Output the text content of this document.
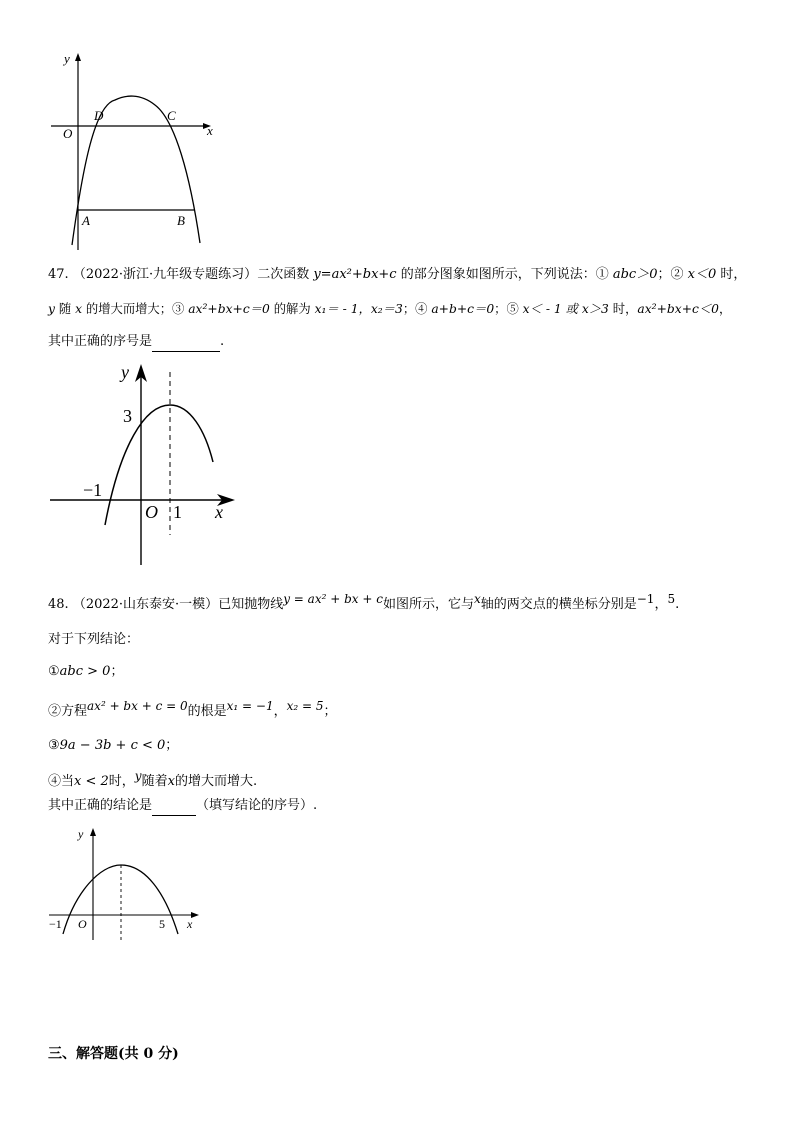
y
x
O
D	C
A	B
47. （2022·浙江·九年级专题练习）二次函数 y=ax²+bx+c 的部分图象如图所示，下列说法：① abc＞0；② x＜0 时，
y 随 x 的增大而增大；③ ax²+bx+c＝0 的解为 x₁＝ - 1，x₂＝3；④ a+b+c＝0；⑤ x＜ - 1 或 x＞3 时，ax²+bx+c＜0，
其中正确的序号是	.
y
x
O
3
−1
1
48. （2022·山东泰安·一模）已知抛物线y = ax² + bx + c如图所示，它与x轴的两交点的横坐标分别是−1，5.
对于下列结论：
①abc > 0；
②方程ax² + bx + c = 0的根是x₁ = −1，x₂ = 5；
③9a − 3b + c < 0；
④当x < 2时，y随着x的增大而增大.
其中正确的结论是	（填写结论的序号）.
y
x
O
−1	5
三、解答题(共 0 分)
